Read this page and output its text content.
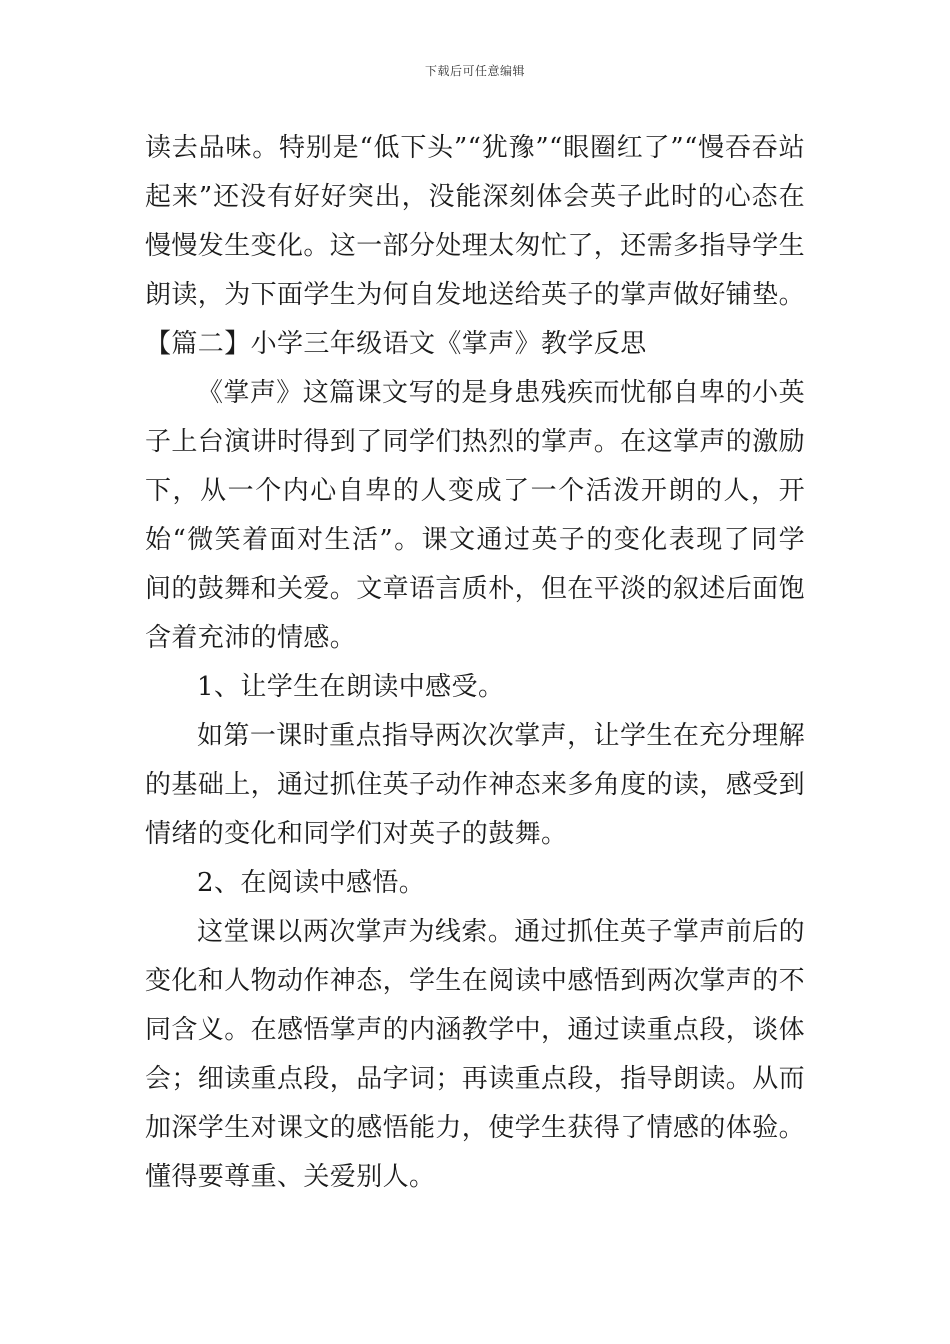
下载后可任意编辑

读去品味。特别是“低下头”“犹豫”“眼圈红了”“慢吞吞站起来”还没有好好突出，没能深刻体会英子此时的心态在慢慢发生变化。这一部分处理太匆忙了，还需多指导学生朗读，为下面学生为何自发地送给英子的掌声做好铺垫。【篇二】小学三年级语文《掌声》教学反思

《掌声》这篇课文写的是身患残疾而忧郁自卑的小英子上台演讲时得到了同学们热烈的掌声。在这掌声的激励下，从一个内心自卑的人变成了一个活泼开朗的人，开始“微笑着面对生活”。课文通过英子的变化表现了同学间的鼓舞和关爱。文章语言质朴，但在平淡的叙述后面饱含着充沛的情感。

1、让学生在朗读中感受。

如第一课时重点指导两次次掌声，让学生在充分理解的基础上，通过抓住英子动作神态来多角度的读，感受到情绪的变化和同学们对英子的鼓舞。

2、在阅读中感悟。

这堂课以两次掌声为线索。通过抓住英子掌声前后的变化和人物动作神态，学生在阅读中感悟到两次掌声的不同含义。在感悟掌声的内涵教学中，通过读重点段，谈体会；细读重点段，品字词；再读重点段，指导朗读。从而加深学生对课文的感悟能力，使学生获得了情感的体验。懂得要尊重、关爱别人。
